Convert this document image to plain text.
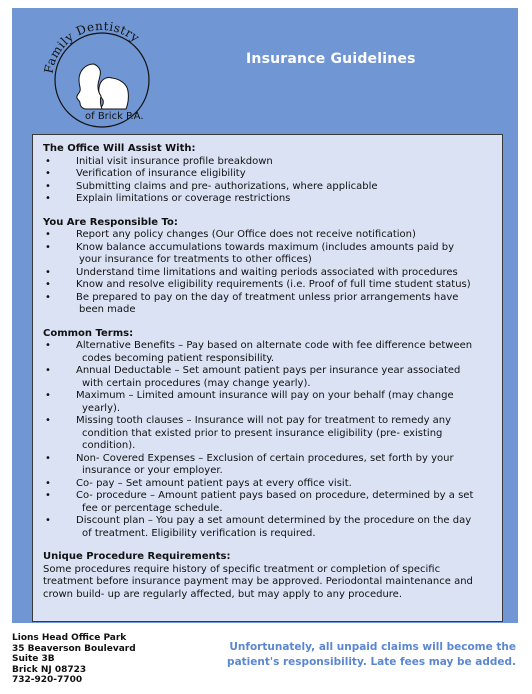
Family Dentistry
of Brick P.A.
Insurance Guidelines
The Office Will Assist With:
•	Initial visit insurance profile breakdown
•	Verification of insurance eligibility
•	Submitting claims and pre- authorizations, where applicable
•	Explain limitations or coverage restrictions
You Are Responsible To:
•	Report any policy changes (Our Office does not receive notification)
•	Know balance accumulations towards maximum (includes amounts paid by
your insurance for treatments to other offices)
•	Understand time limitations and waiting periods associated with procedures
•	Know and resolve eligibility requirements (i.e. Proof of full time student status)
•	Be prepared to pay on the day of treatment unless prior arrangements have
been made
Common Terms:
•	Alternative Benefits – Pay based on alternate code with fee difference between
codes becoming patient responsibility.
•	Annual Deductable – Set amount patient pays per insurance year associated
with certain procedures (may change yearly).
•	Maximum – Limited amount insurance will pay on your behalf (may change
yearly).
•	Missing tooth clauses – Insurance will not pay for treatment to remedy any
condition that existed prior to present insurance eligibility (pre- existing
condition).
•	Non- Covered Expenses – Exclusion of certain procedures, set forth by your
insurance or your employer.
•	Co- pay – Set amount patient pays at every office visit.
•	Co- procedure – Amount patient pays based on procedure, determined by a set
fee or percentage schedule.
•	Discount plan – You pay a set amount determined by the procedure on the day
of treatment. Eligibility verification is required.
Unique Procedure Requirements:
Some procedures require history of specific treatment or completion of specific
treatment before insurance payment may be approved. Periodontal maintenance and
crown build- up are regularly affected, but may apply to any procedure.
Lions Head Office Park
35 Beaverson Boulevard
Suite 3B
Brick NJ 08723
732-920-7700
Unfortunately, all unpaid claims will become the
patient's responsibility. Late fees may be added.
